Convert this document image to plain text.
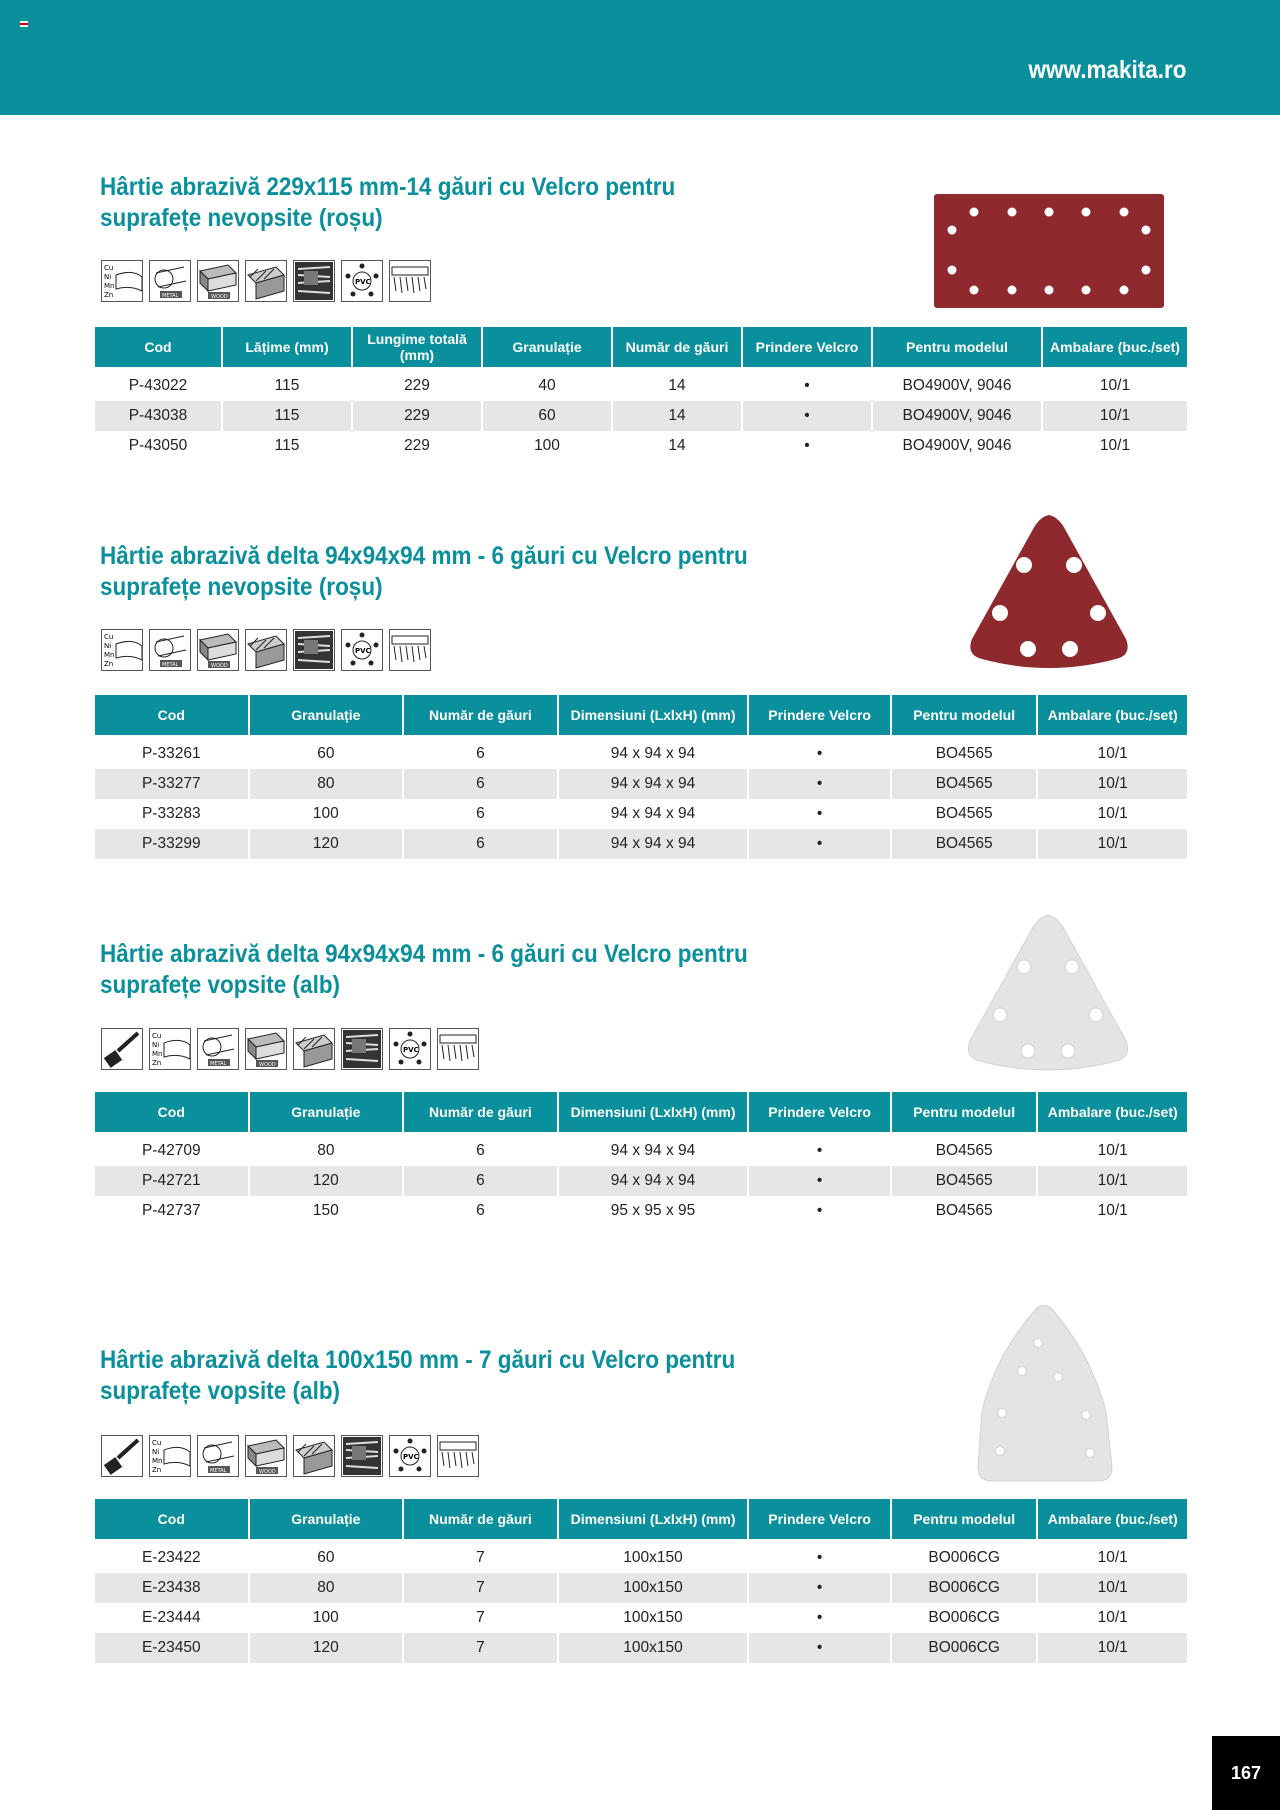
www.makita.ro
Hârtie abrazivă 229x115 mm-14 găuri cu Velcro pentru suprafețe nevopsite (roșu)
Cu
Ni
Mn
Zn	METAL	WOOD
PVC
Cod	Lățime (mm)	Lungime totală (mm)	Granulație	Număr de găuri	Prindere Velcro	Pentru modelul	Ambalare (buc./set)
P-43022	115	229	40	14	•	BO4900V, 9046	10/1
P-43038	115	229	60	14	•	BO4900V, 9046	10/1
P-43050	115	229	100	14	•	BO4900V, 9046	10/1
Hârtie abrazivă delta 94x94x94 mm - 6 găuri cu Velcro pentru suprafețe nevopsite (roșu)
Cu
Ni
Mn
Zn	METAL	WOOD
PVC
Cod	Granulație	Număr de găuri	Dimensiuni (LxlxH) (mm)	Prindere Velcro	Pentru modelul	Ambalare (buc./set)
P-33261	60	6	94 x 94 x 94	•	BO4565	10/1
P-33277	80	6	94 x 94 x 94	•	BO4565	10/1
P-33283	100	6	94 x 94 x 94	•	BO4565	10/1
P-33299	120	6	94 x 94 x 94	•	BO4565	10/1
Hârtie abrazivă delta 94x94x94 mm - 6 găuri cu Velcro pentru suprafețe vopsite (alb)
Cu
Ni
Mn
Zn	METAL	WOOD
PVC
Cod	Granulație	Număr de găuri	Dimensiuni (LxlxH) (mm)	Prindere Velcro	Pentru modelul	Ambalare (buc./set)
P-42709	80	6	94 x 94 x 94	•	BO4565	10/1
P-42721	120	6	94 x 94 x 94	•	BO4565	10/1
P-42737	150	6	95 x 95 x 95	•	BO4565	10/1
Hârtie abrazivă delta 100x150 mm - 7 găuri cu Velcro pentru suprafețe vopsite (alb)
Cu
Ni
Mn
Zn	METAL	WOOD
PVC
Cod	Granulație	Număr de găuri	Dimensiuni (LxlxH) (mm)	Prindere Velcro	Pentru modelul	Ambalare (buc./set)
E-23422	60	7	100x150	•	BO006CG	10/1
E-23438	80	7	100x150	•	BO006CG	10/1
E-23444	100	7	100x150	•	BO006CG	10/1
E-23450	120	7	100x150	•	BO006CG	10/1
167
